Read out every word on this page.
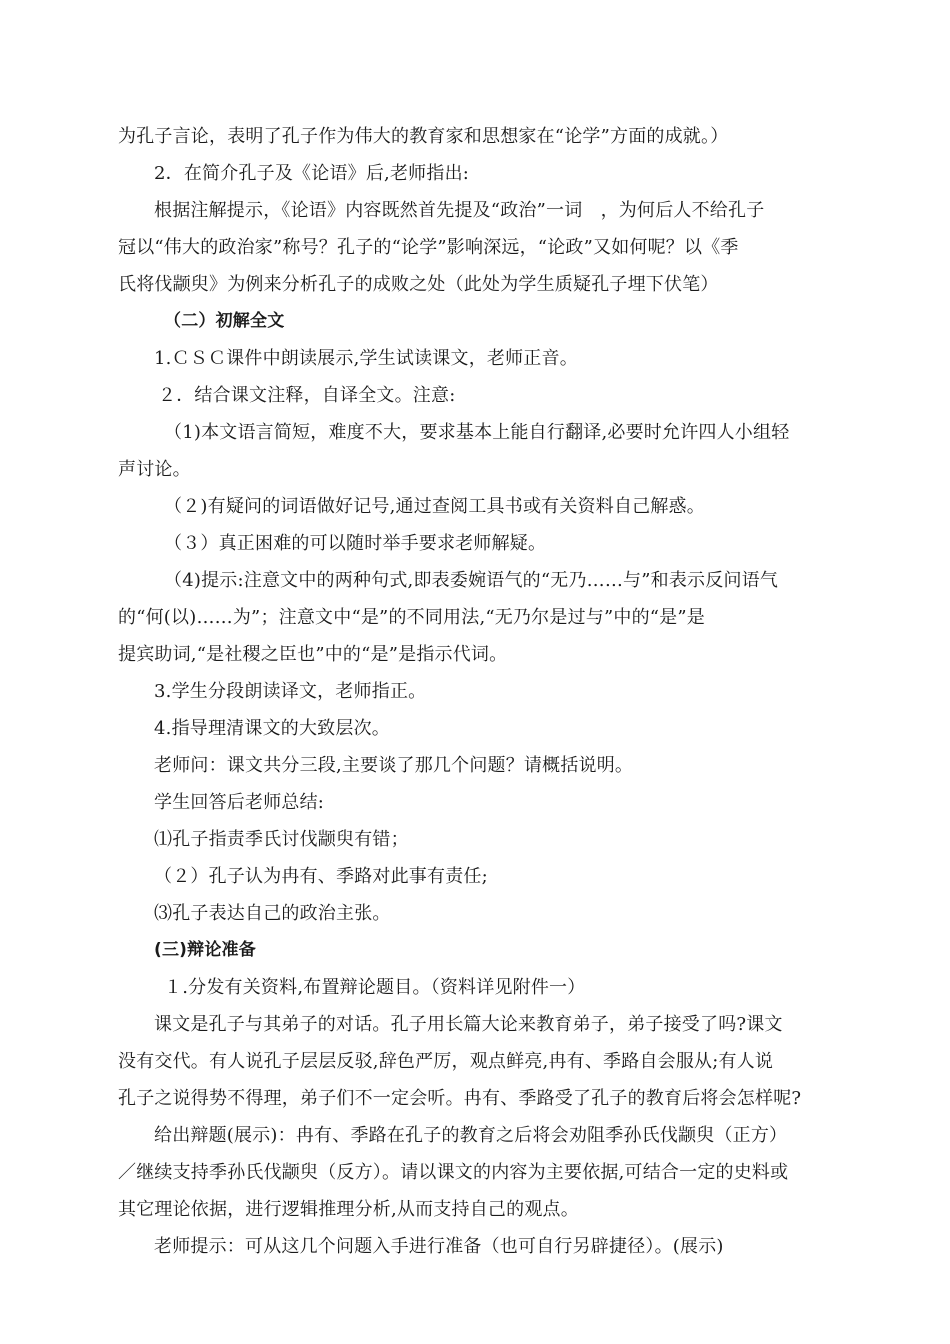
为孔子言论，表明了孔子作为伟大的教育家和思想家在“论学”方面的成就。）
2．在简介孔子及《论语》后,老师指出:
根据注解提示，《论语》内容既然首先提及“政治”一词　，为何后人不给孔子
冠以“伟大的政治家”称号？孔子的“论学”影响深远，“论政”又如何呢？以《季
氏将伐颛臾》为例来分析孔子的成败之处（此处为学生质疑孔子埋下伏笔）
（二）初解全文
1.ＣＳＣ课件中朗读展示,学生试读课文，老师正音。
２．结合课文注释，自译全文。注意:
（1)本文语言简短，难度不大，要求基本上能自行翻译,必要时允许四人小组轻
声讨论。
（２)有疑问的词语做好记号,通过查阅工具书或有关资料自己解惑。
（３）真正困难的可以随时举手要求老师解疑。
（4)提示:注意文中的两种句式,即表委婉语气的“无乃……与”和表示反问语气
的“何(以)……为”；注意文中“是”的不同用法,“无乃尔是过与”中的“是”是
提宾助词,“是社稷之臣也”中的“是”是指示代词。
3.学生分段朗读译文，老师指正。
4.指导理清课文的大致层次。
老师问：课文共分三段,主要谈了那几个问题？请概括说明。
学生回答后老师总结:
⑴孔子指责季氏讨伐颛臾有错；
（２）孔子认为冉有、季路对此事有责任;
⑶孔子表达自己的政治主张。
(三)辩论准备
１.分发有关资料,布置辩论题目。（资料详见附件一）
课文是孔子与其弟子的对话。孔子用长篇大论来教育弟子，弟子接受了吗?课文
没有交代。有人说孔子层层反驳,辞色严厉，观点鲜亮,冉有、季路自会服从;有人说
孔子之说得势不得理，弟子们不一定会听。冉有、季路受了孔子的教育后将会怎样呢?
给出辩题(展示)：冉有、季路在孔子的教育之后将会劝阻季孙氏伐颛臾（正方）
／继续支持季孙氏伐颛臾（反方）。请以课文的内容为主要依据,可结合一定的史料或
其它理论依据，进行逻辑推理分析,从而支持自己的观点。
老师提示：可从这几个问题入手进行准备（也可自行另辟捷径）。(展示)
